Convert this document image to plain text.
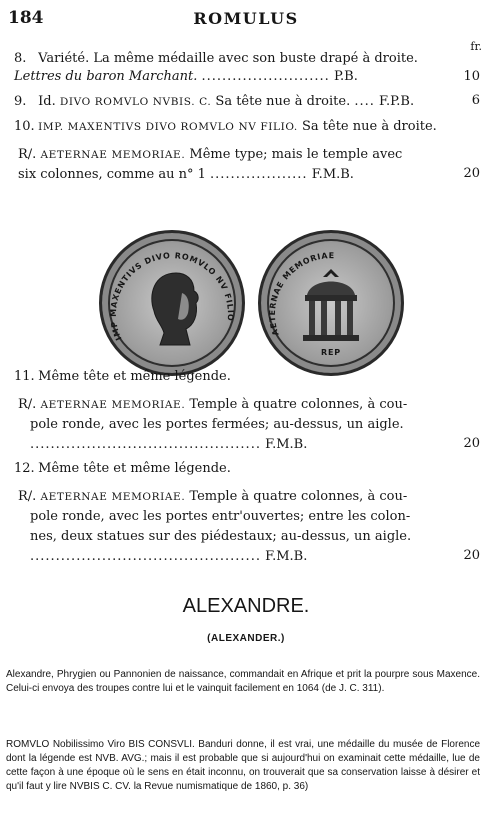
184	ROMULUS
fr.
8. Variété. La même médaille avec son buste drapé à droite. Lettres du baron Marchant. ......................... P.B.	10
9. Id. DIVO ROMVLO NVBIS. C. Sa tête nue à droite. .... F.P.B.	6
10. IMP. MAXENTIVS DIVO ROMVLO NV FILIO. Sa tête nue à droite.
R/. AETERNAE MEMORIAE. Même type; mais le temple avec
six colonnes, comme au n° 1 ................... F.M.B.	20
IMP MAXENTIVS DIVO ROMVLO NV FILIO
AETERNAE MEMORIAE
REP
11. Même tête et même légende.
R/. AETERNAE MEMORIAE. Temple à quatre colonnes, à cou-
pole ronde, avec les portes fermées; au-dessus, un aigle.
............................................. F.M.B.	20
12. Même tête et même légende.
R/. AETERNAE MEMORIAE. Temple à quatre colonnes, à cou-
pole ronde, avec les portes entr'ouvertes; entre les colon-
nes, deux statues sur des piédestaux; au-dessus, un aigle.
............................................. F.M.B.	20
ALEXANDRE.
(ALEXANDER.)
Alexandre, Phrygien ou Pannonien de naissance, commandait en Afrique et prit la pourpre sous Maxence. Celui-ci envoya des troupes contre lui et le vainquit facilement en 1064 (de J. C. 311).
ROMVLO Nobilissimo Viro BIS CONSVLI. Banduri donne, il est vrai, une médaille du musée de Florence dont la légende est NVB. AVG.; mais il est probable que si aujourd'hui on examinait cette médaille, lue de cette façon à une époque où le sens en était inconnu, on trouverait que sa conservation laisse à désirer et qu'il faut y lire NVBIS C. CV. la Revue numismatique de 1860, p. 36)
